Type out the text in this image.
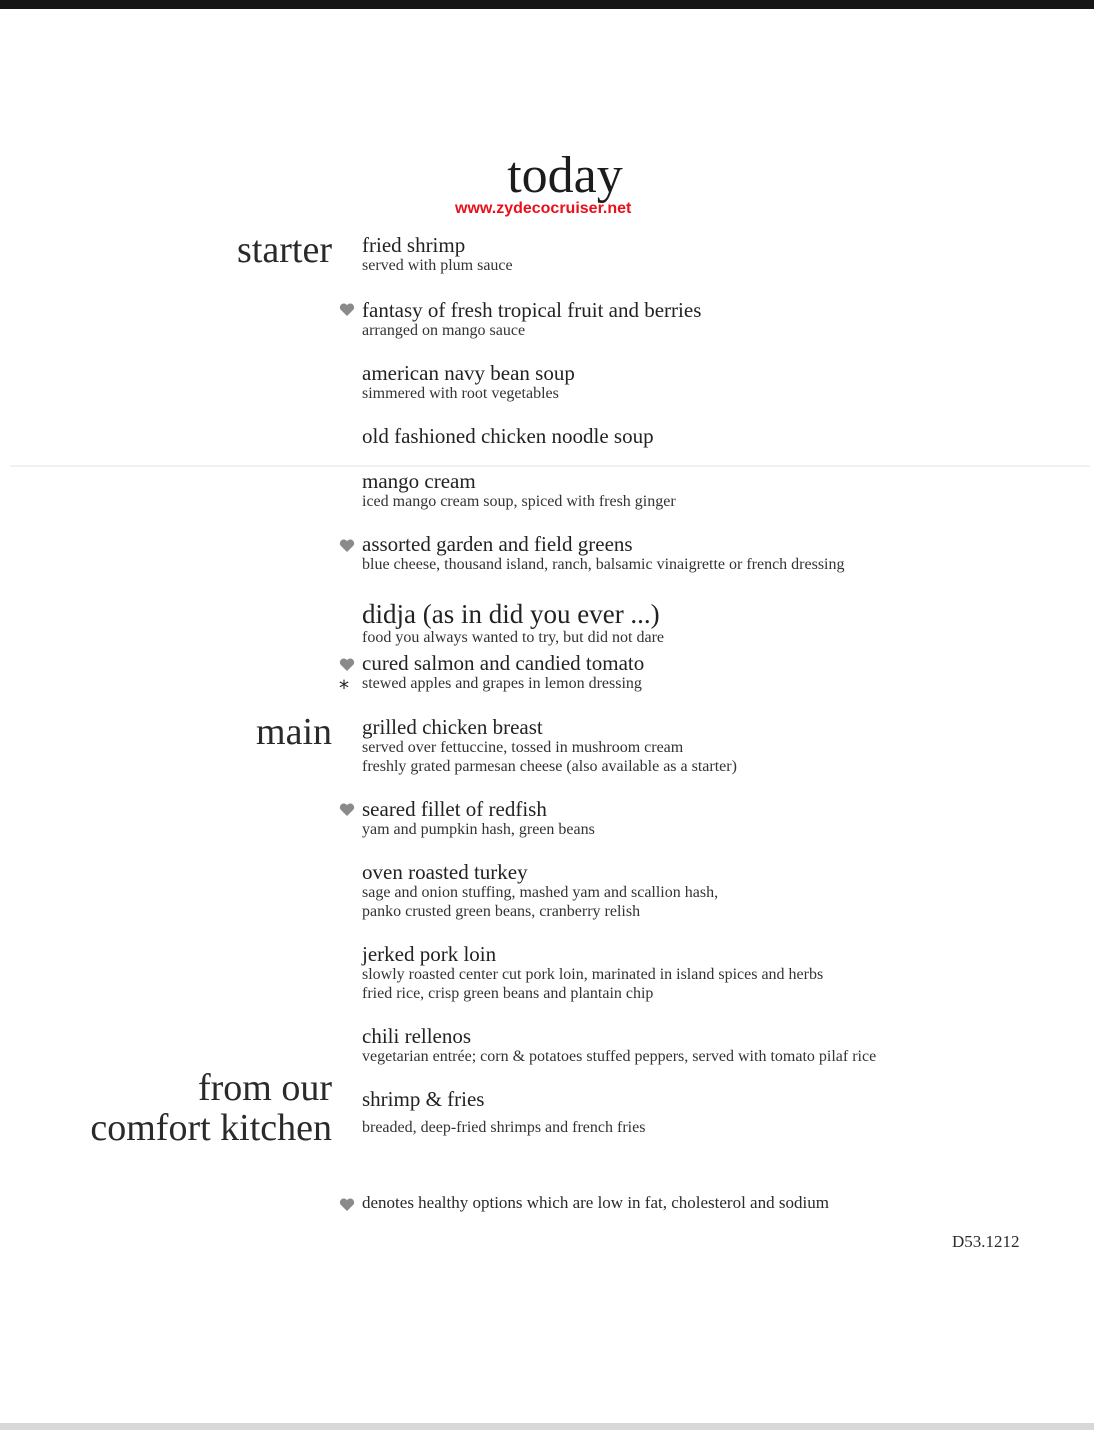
today
www.zydecocruiser.net
starter
main
from our
comfort kitchen
fried shrimp
served with plum sauce
fantasy of fresh tropical fruit and berries
arranged on mango sauce
american navy bean soup
simmered with root vegetables
old fashioned chicken noodle soup
mango cream
iced mango cream soup, spiced with fresh ginger
assorted garden and field greens
blue cheese, thousand island, ranch, balsamic vinaigrette or french dressing
didja (as in did you ever ...)
food you always wanted to try, but did not dare
*
cured salmon and candied tomato
stewed apples and grapes in lemon dressing
grilled chicken breast
served over fettuccine, tossed in mushroom cream
freshly grated parmesan cheese (also available as a starter)
seared fillet of redfish
yam and pumpkin hash, green beans
oven roasted turkey
sage and onion stuffing, mashed yam and scallion hash,
panko crusted green beans, cranberry relish
jerked pork loin
slowly roasted center cut pork loin, marinated in island spices and herbs
fried rice, crisp green beans and plantain chip
chili rellenos
vegetarian entrée; corn & potatoes stuffed peppers, served with tomato pilaf rice
shrimp & fries
breaded, deep-fried shrimps and french fries
denotes healthy options which are low in fat, cholesterol and sodium
D53.1212
